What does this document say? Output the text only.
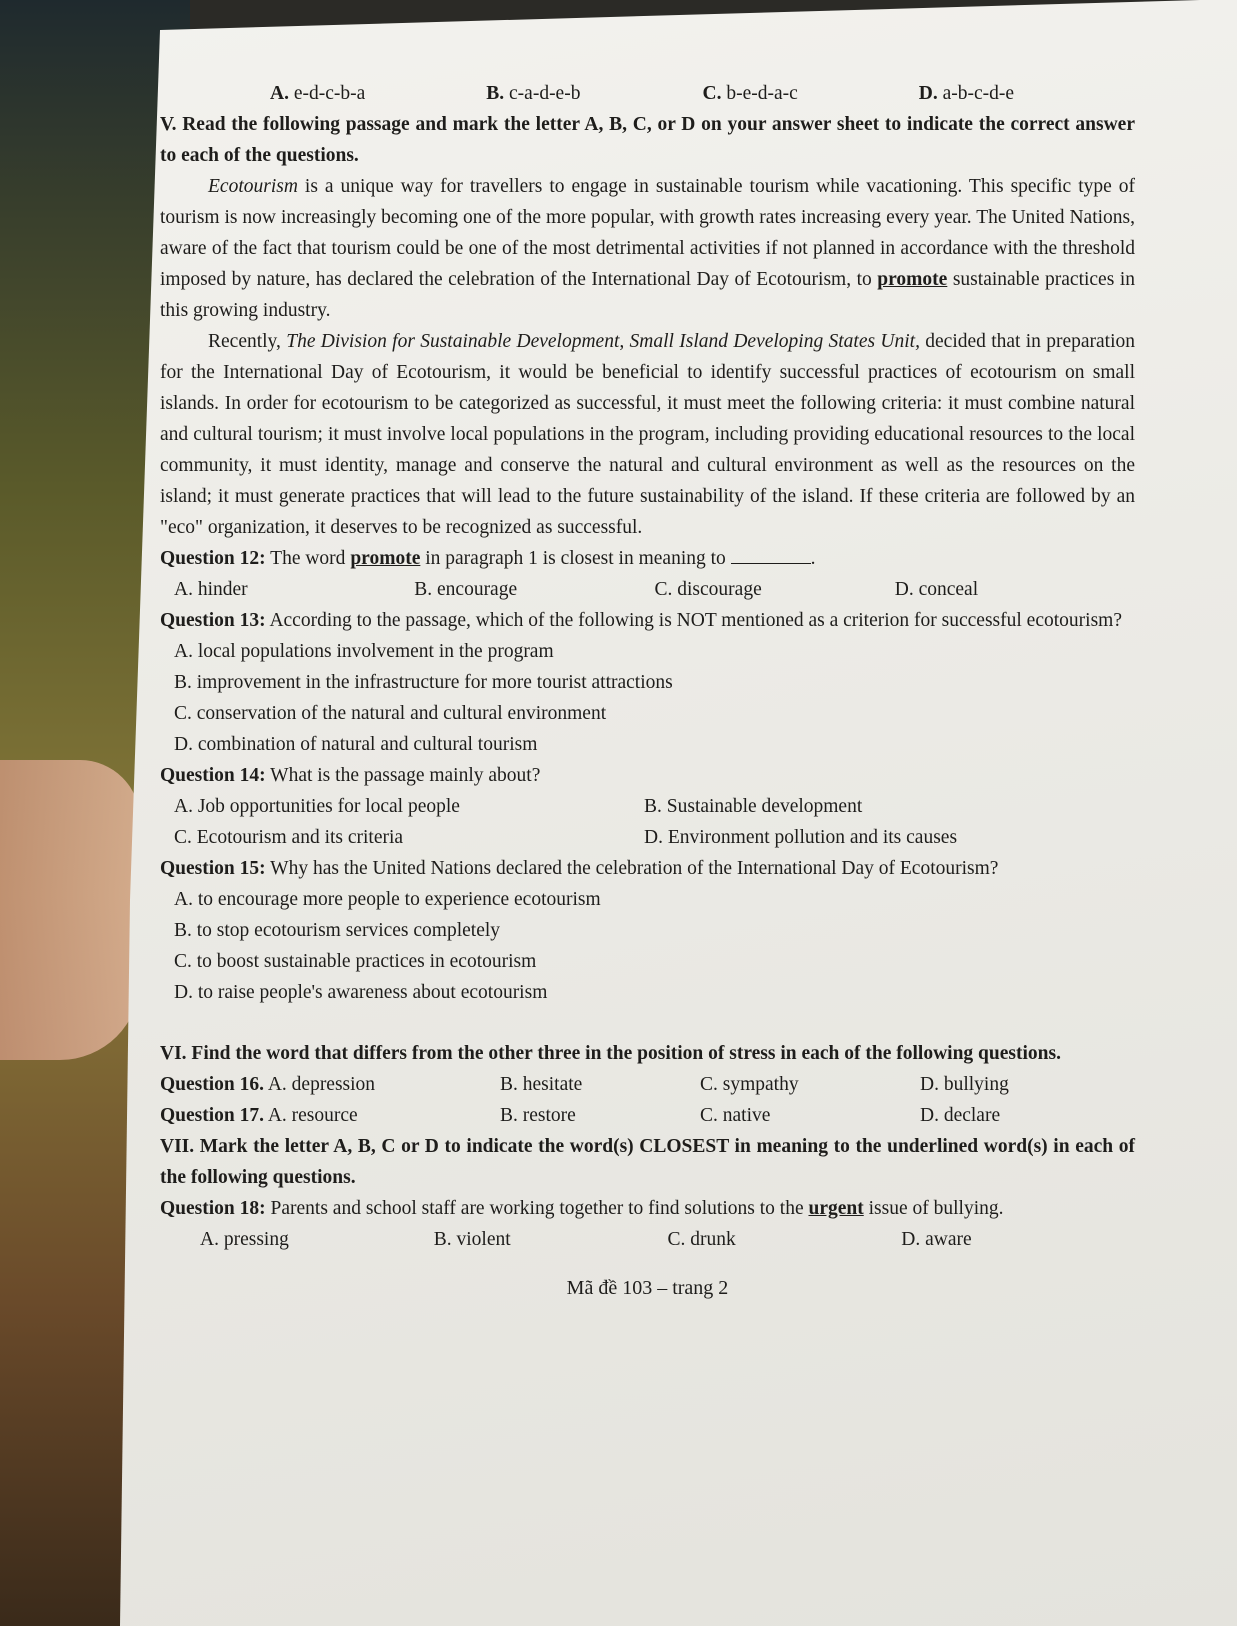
A. e-d-c-b-a	B. c-a-d-e-b	C. b-e-d-a-c	D. a-b-c-d-e

V. Read the following passage and mark the letter A, B, C, or D on your answer sheet to indicate the correct answer to each of the questions.

Ecotourism is a unique way for travellers to engage in sustainable tourism while vacationing. This specific type of tourism is now increasingly becoming one of the more popular, with growth rates increasing every year. The United Nations, aware of the fact that tourism could be one of the most detrimental activities if not planned in accordance with the threshold imposed by nature, has declared the celebration of the International Day of Ecotourism, to promote sustainable practices in this growing industry.

Recently, The Division for Sustainable Development, Small Island Developing States Unit, decided that in preparation for the International Day of Ecotourism, it would be beneficial to identify successful practices of ecotourism on small islands. In order for ecotourism to be categorized as successful, it must meet the following criteria: it must combine natural and cultural tourism; it must involve local populations in the program, including providing educational resources to the local community, it must identity, manage and conserve the natural and cultural environment as well as the resources on the island; it must generate practices that will lead to the future sustainability of the island. If these criteria are followed by an "eco" organization, it deserves to be recognized as successful.

Question 12: The word promote in paragraph 1 is closest in meaning to	.

A. hinder	B. encourage	C. discourage	D. conceal

Question 13: According to the passage, which of the following is NOT mentioned as a criterion for successful ecotourism?

A. local populations involvement in the program
B. improvement in the infrastructure for more tourist attractions
C. conservation of the natural and cultural environment
D. combination of natural and cultural tourism

Question 14: What is the passage mainly about?

A. Job opportunities for local people	B. Sustainable development
C. Ecotourism and its criteria	D. Environment pollution and its causes

Question 15: Why has the United Nations declared the celebration of the International Day of Ecotourism?

A. to encourage more people to experience ecotourism
B. to stop ecotourism services completely
C. to boost sustainable practices in ecotourism
D. to raise people's awareness about ecotourism

VI. Find the word that differs from the other three in the position of stress in each of the following questions.

Question 16. A. depression	B. hesitate	C. sympathy	D. bullying
Question 17. A. resource	B. restore	C. native	D. declare

VII. Mark the letter A, B, C or D to indicate the word(s) CLOSEST in meaning to the underlined word(s) in each of the following questions.

Question 18: Parents and school staff are working together to find solutions to the urgent issue of bullying.

A. pressing	B. violent	C. drunk	D. aware
Mã đề 103 – trang 2
